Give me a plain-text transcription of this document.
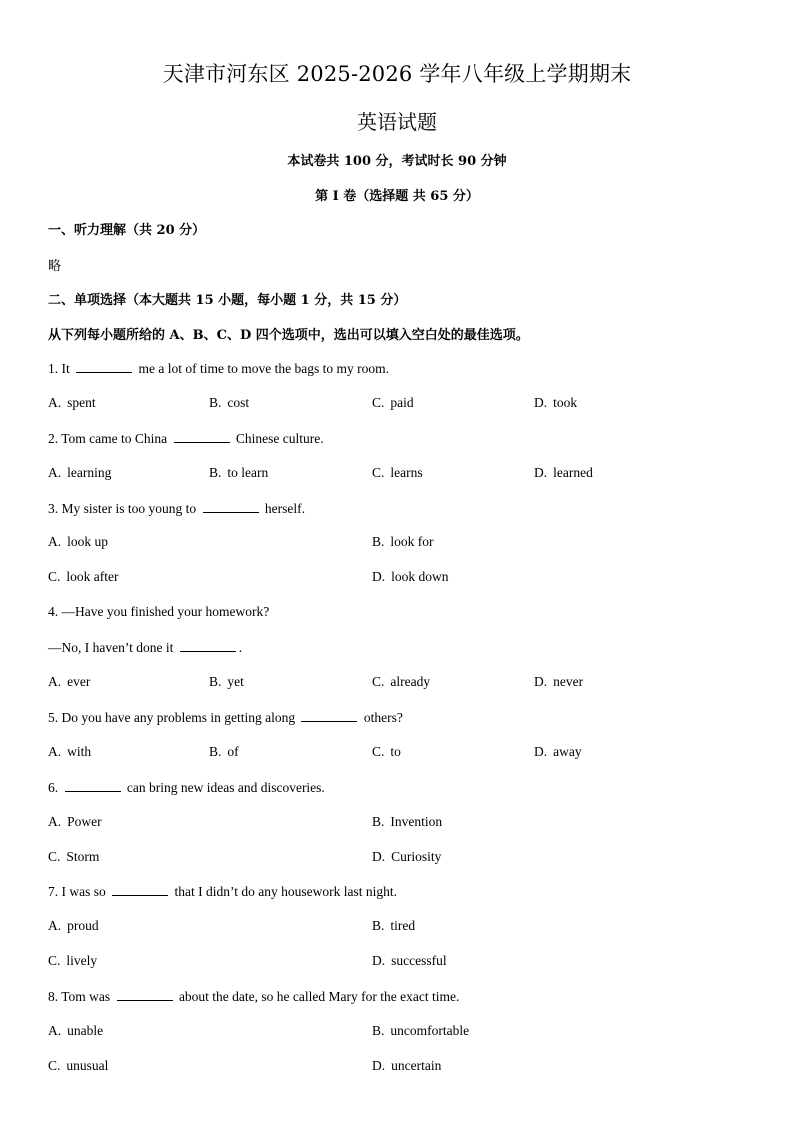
天津市河东区 2025-2026 学年八年级上学期期末
英语试题
本试卷共 100 分，考试时长 90 分钟
第 I 卷（选择题 共 65 分）
一、听力理解（共 20 分）
略
二、单项选择（本大题共 15 小题，每小题 1 分，共 15 分）
从下列每小题所给的 A、B、C、D 四个选项中，选出可以填入空白处的最佳选项。
1. It	me a lot of time to move the bags to my room.
A. spent	B. cost	C. paid	D. took
2. Tom came to China	Chinese culture.
A. learning	B. to learn	C. learns	D. learned
3. My sister is too young to	herself.
A. look up	B. look for
C. look after	D. look down
4. —Have you finished your homework?
—No, I haven’t done it	.
A. ever	B. yet	C. already	D. never
5. Do you have any problems in getting along	others?
A. with	B. of	C. to	D. away
6.	can bring new ideas and discoveries.
A. Power	B. Invention
C. Storm	D. Curiosity
7. I was so	that I didn’t do any housework last night.
A. proud	B. tired
C. lively	D. successful
8. Tom was	about the date, so he called Mary for the exact time.
A. unable	B. uncomfortable
C. unusual	D. uncertain
